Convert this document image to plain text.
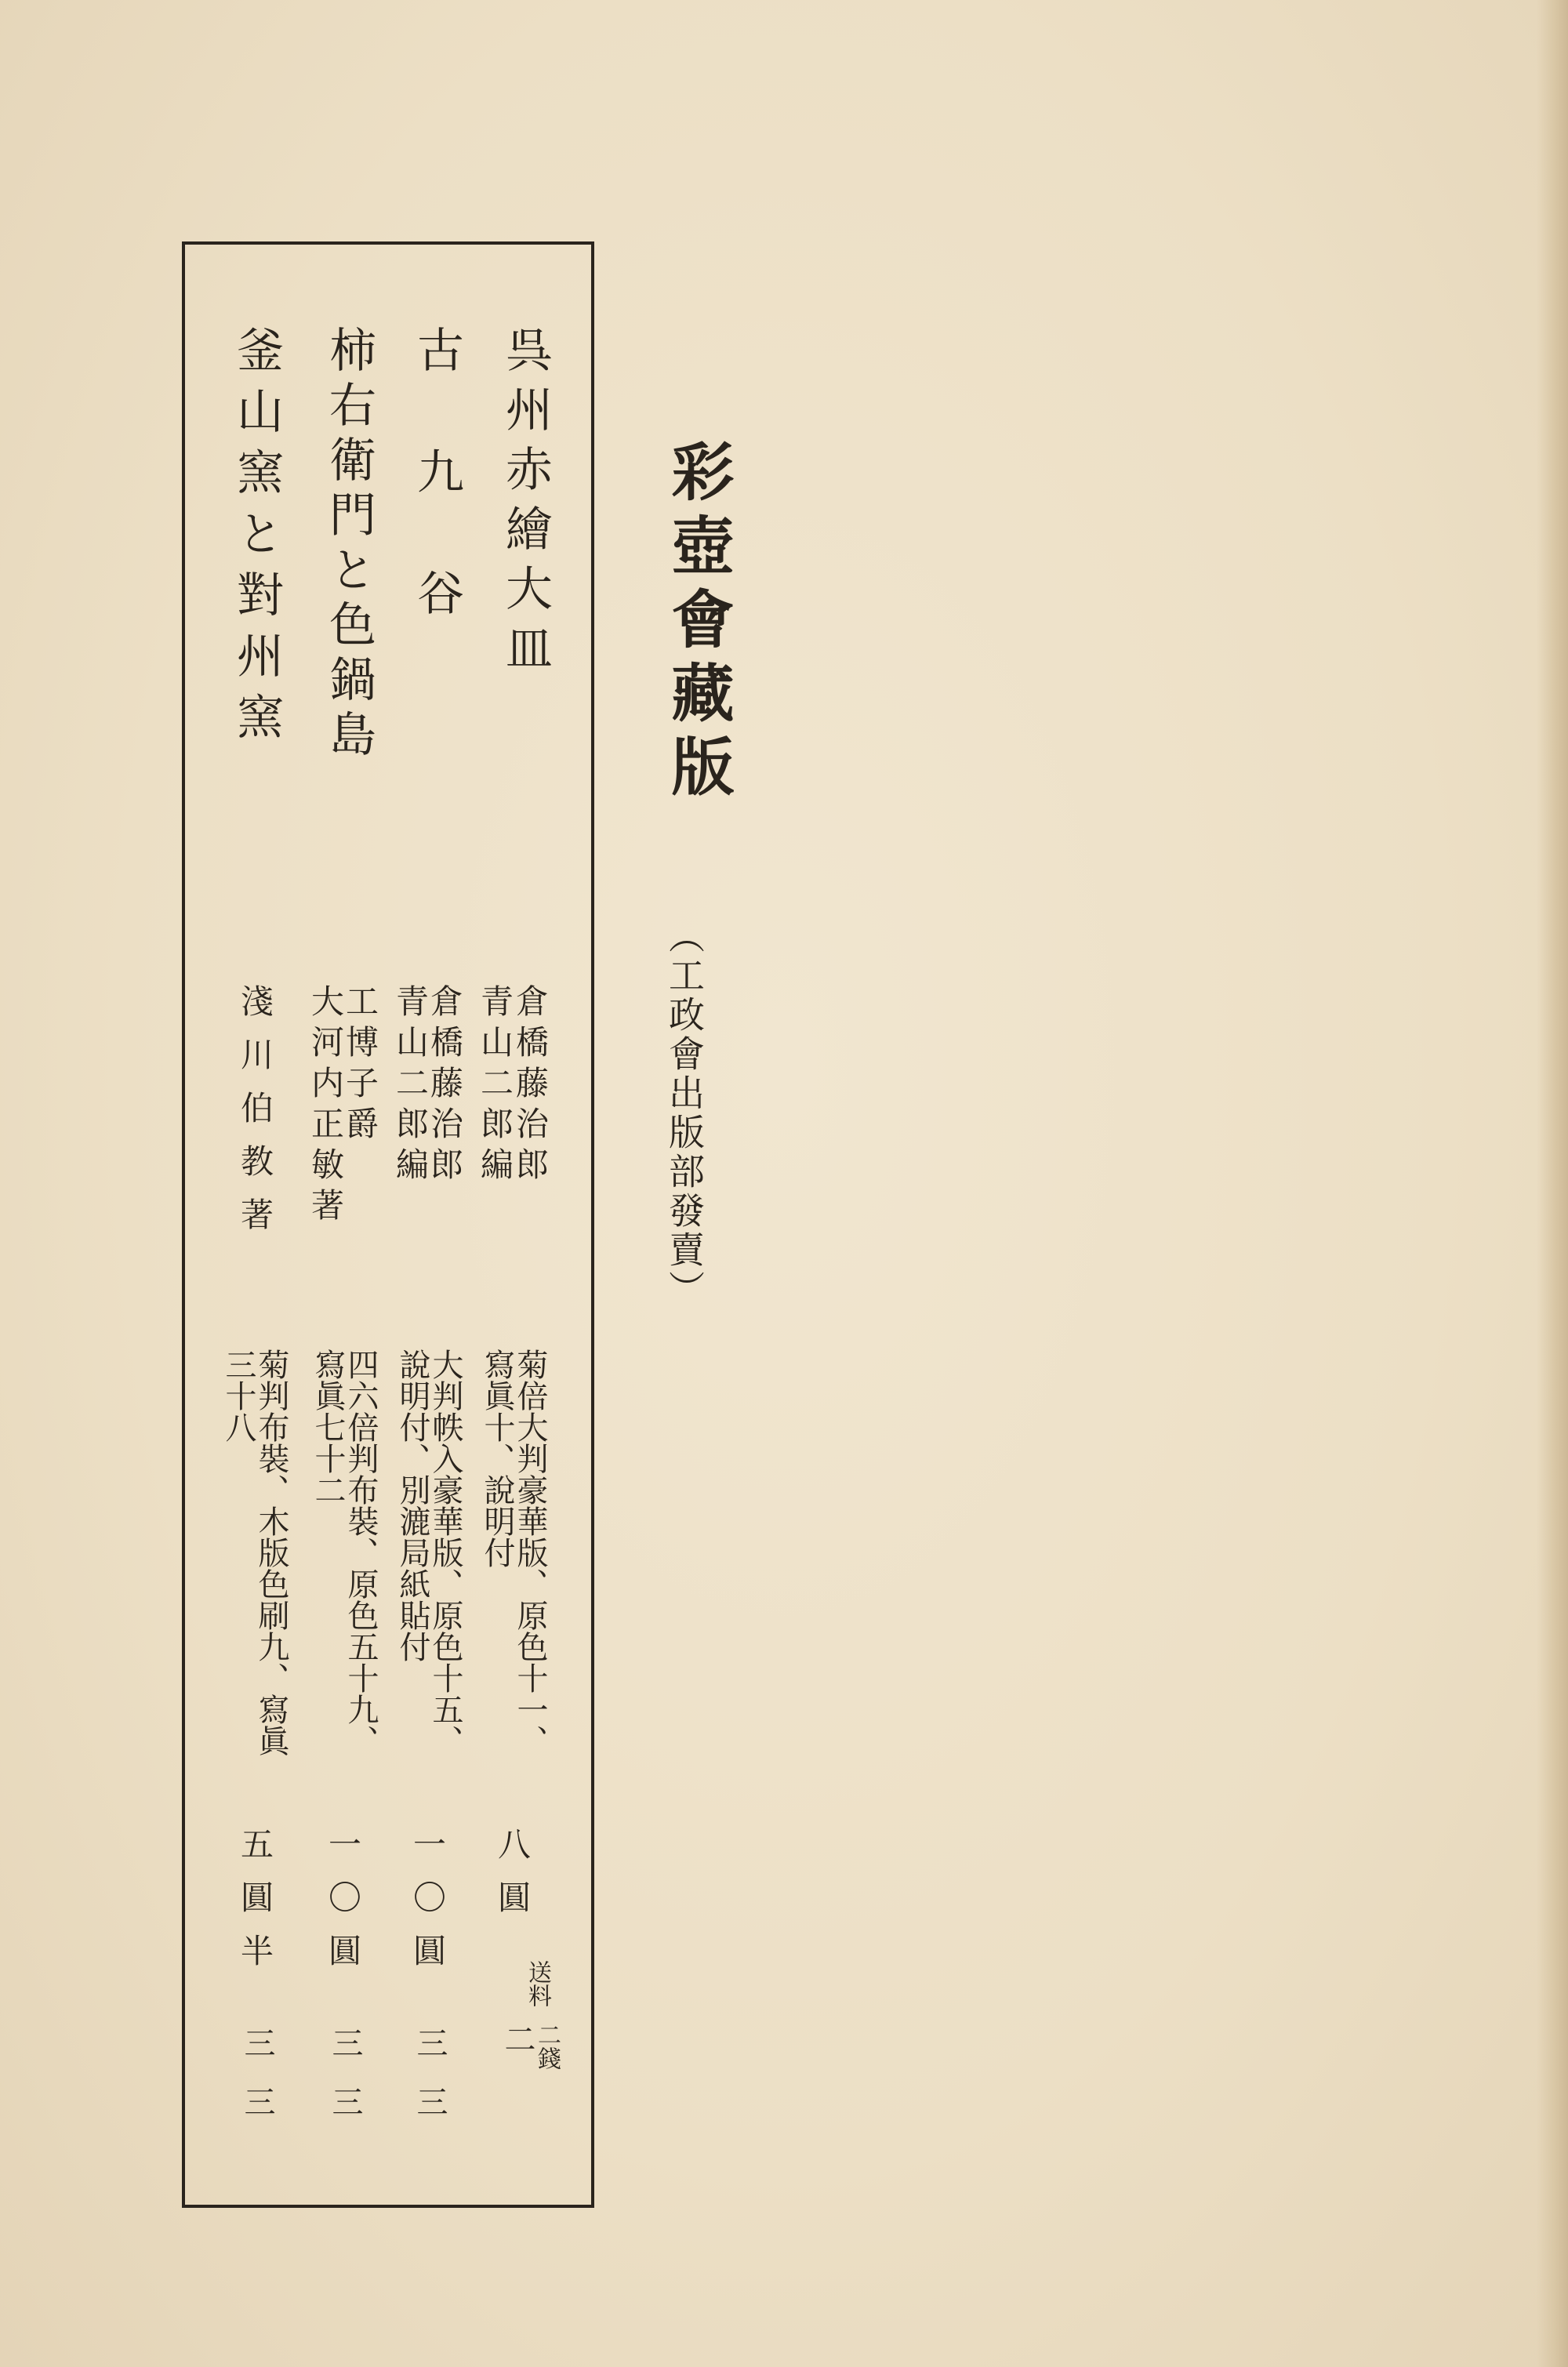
彩壺會藏版
（工政會出版部發賣）
送料
呉州赤繪大皿
青山二郎編
倉橋藤治郎
寫眞十、說明付
菊倍大判豪華版、原色十一、
八圓
二
二錢
古九谷
青山二郎編
倉橋藤治郎
說明付、別漉局紙貼付
大判帙入豪華版、原色十五、
一〇圓
三
三
柿右衛門と色鍋島
大河内正敏著
工博子爵
寫眞七十二
四六倍判布裝、原色五十九、
一〇圓
三
三
釜山窯と對州窯
淺川伯教著
三十八
菊判布裝、木版色刷九、寫眞
五圓半
三
三
